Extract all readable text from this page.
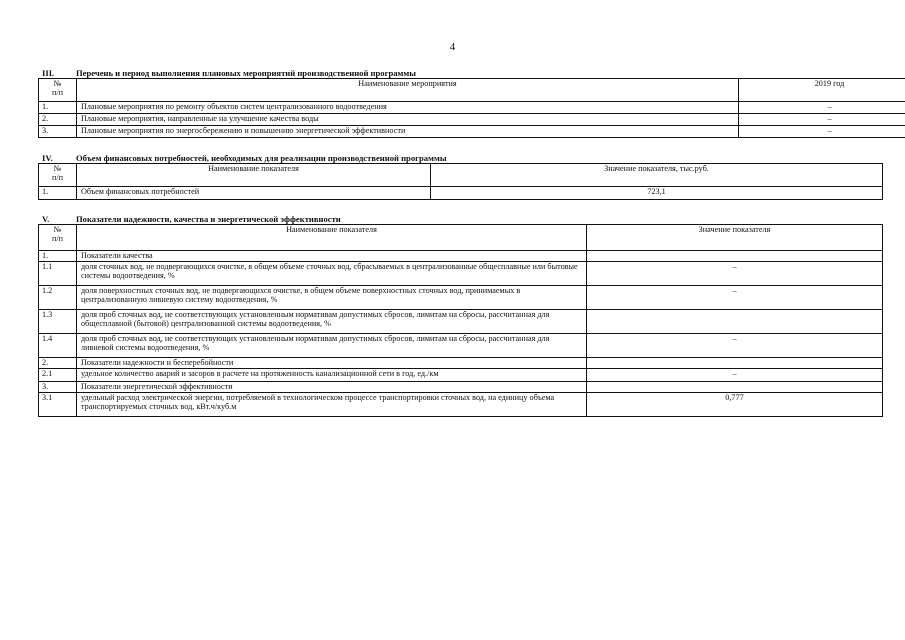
4
III.	Перечень и период выполнения плановых мероприятий производственной программы
№
п/п	Наименование мероприятия	2019 год
1.	Плановые мероприятия по ремонту объектов систем централизованного водоотведения	–
2.	Плановые мероприятия, направленные на улучшение качества воды	–
3.	Плановые мероприятия по энергосбережению и повышению энергетической эффективности	–
IV.	Объем финансовых потребностей, необходимых для реализации производственной программы
№
п/п	Наименование показателя	Значение показателя, тыс.руб.
1.	Объем финансовых потребностей	723,1
V.	Показатели надежности, качества и энергетической эффективности
№
п/п	Наименование показателя	Значение показателя
1.	Показатели качества	
1.1	доля сточных вод, не подвергающихся очистке, в общем объеме сточных вод, сбрасываемых в централизованные общесплавные или бытовые системы водоотведения, %	–
1.2	доля поверхностных сточных вод, не подвергающихся очистке, в общем объеме поверхностных сточных вод, принимаемых в централизованную ливневую систему водоотведения, %	–
1.3	доля проб сточных вод, не соответствующих установленным нормативам допустимых сбросов, лимитам на сбросы, рассчитанная для общесплавной (бытовой) централизованной системы водоотведения, %	
1.4	доля проб сточных вод, не соответствующих установленным нормативам допустимых сбросов, лимитам на сбросы, рассчитанная для ливневой системы водоотведения, %	–
2.	Показатели надежности и бесперебойности	
2.1	удельное количество аварий и засоров в расчете на протяженность канализационной сети в год, ед./км	–
3.	Показатели энергетической эффективности	
3.1	удельный расход электрической энергии, потребляемой в технологическом процессе транспортировки сточных вод, на единицу объема транспортируемых сточных вод, кВт.ч/куб.м	0,777
